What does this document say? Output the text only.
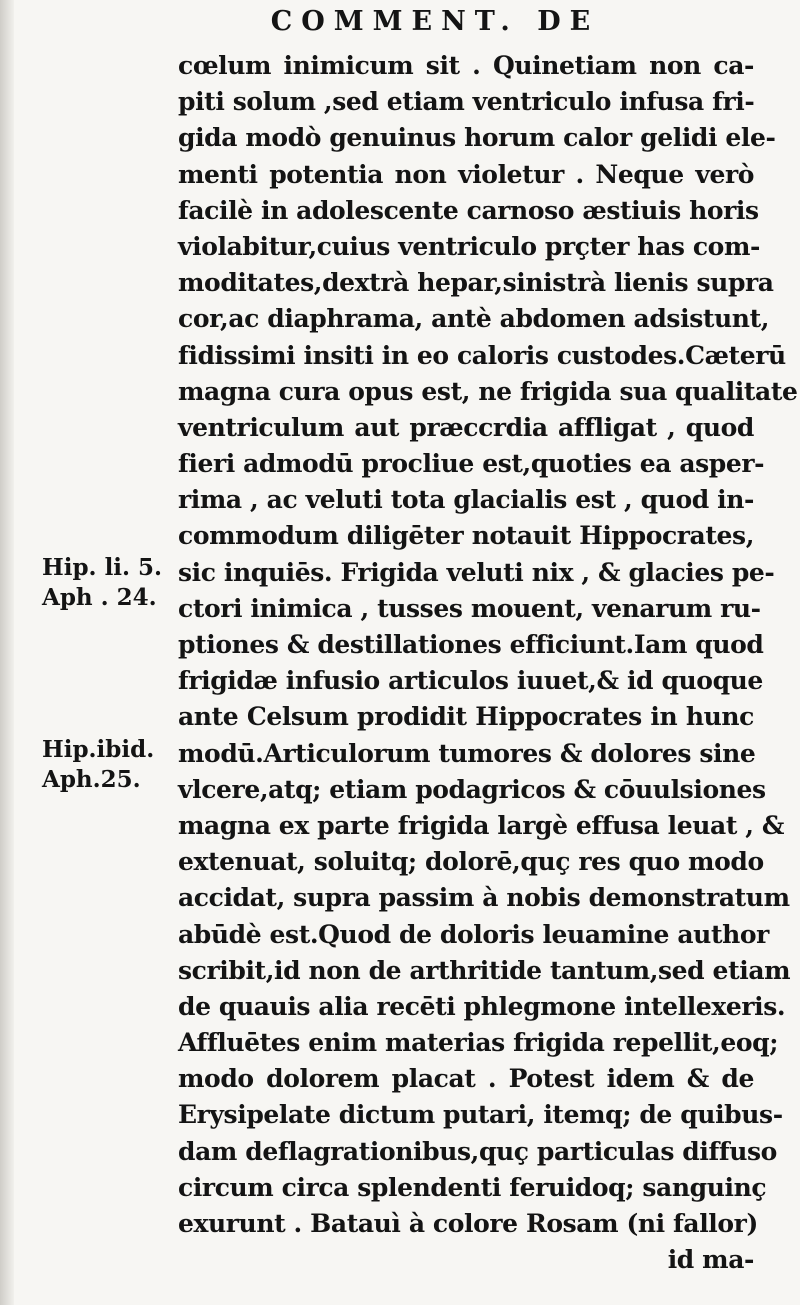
COMMENT. DE
cœlum inimicum sit . Quinetiam non ca-
piti solum ,sed etiam ventriculo infusa fri-
gida modò genuinus horum calor gelidi ele-
menti potentia non violetur . Neque verò
facilè in adolescente carnoso æstiuis horis
violabitur,cuius ventriculo prçter has com-
moditates,dextrà hepar,sinistrà lienis supra
cor,ac diaphrama, antè abdomen adsistunt,
fidissimi insiti in eo caloris custodes.Cæterū
magna cura opus est, ne frigida sua qualitate
ventriculum aut præccrdia affligat , quod
fieri admodū procliue est,quoties ea asper-
rima , ac veluti tota glacialis est , quod in-
commodum diligēter notauit Hippocrates,
sic inquiēs. Frigida veluti nix , & glacies pe-
ctori inimica , tusses mouent, venarum ru-
ptiones & destillationes efficiunt.Iam quod
frigidæ infusio articulos iuuet,& id quoque
ante Celsum prodidit Hippocrates in hunc
modū.Articulorum tumores & dolores sine
vlcere,atq; etiam podagricos & cōuulsiones
magna ex parte frigida largè effusa leuat , &
extenuat, soluitq; dolorē,quç res quo modo
accidat, supra passim à nobis demonstratum
abūdè est.Quod de doloris leuamine author
scribit,id non de arthritide tantum,sed etiam
de quauis alia recēti phlegmone intellexeris.
Affluētes enim materias frigida repellit,eoq;
modo dolorem placat . Potest idem & de
Erysipelate dictum putari, itemq; de quibus-
dam deflagrationibus,quç particulas diffuso
circum circa splendenti feruidoq; sanguinç
exurunt . Batauì à colore Rosam (ni fallor)
id ma-
Hip. li. 5.
Aph . 24.
Hip.ibid.
Aph.25.
